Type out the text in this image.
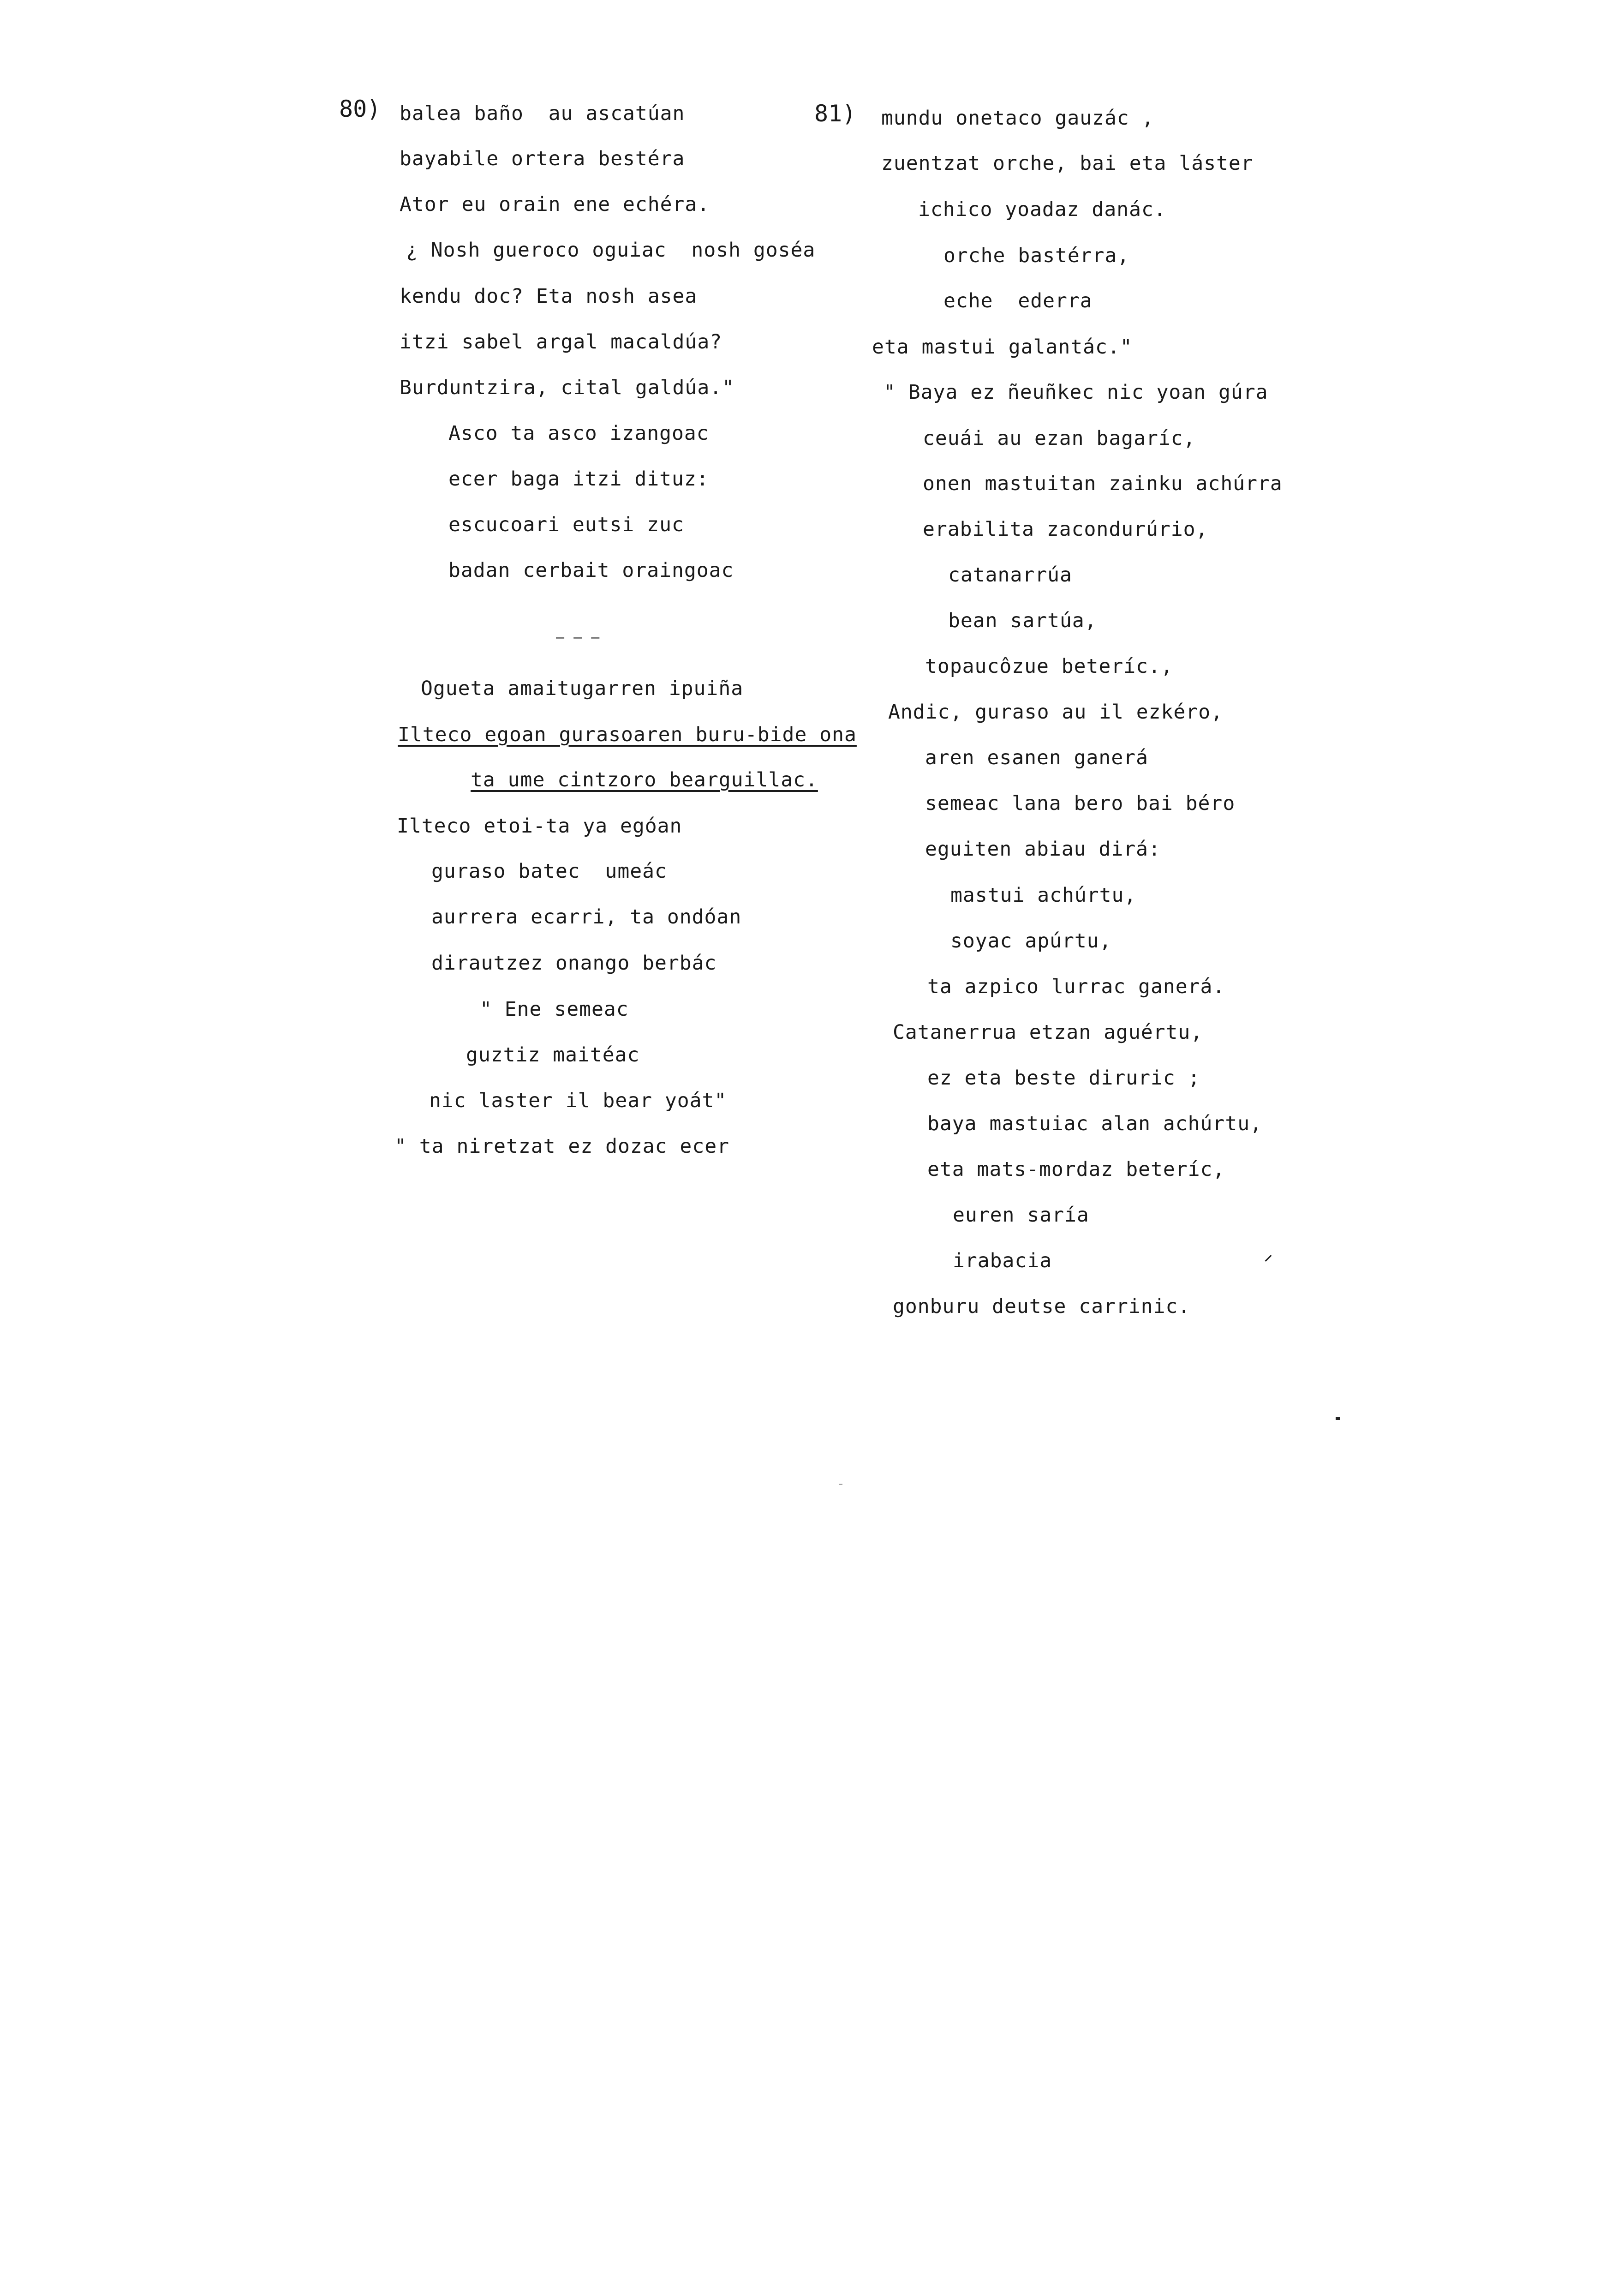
80) balea baño  au ascatúan
bayabile ortera bestéra
Ator eu orain ene echéra.
¿ Nosh gueroco oguiac  nosh goséa
kendu doc? Eta nosh asea
itzi sabel argal macaldúa?
Burduntzira, cital galdúa."
Asco ta asco izangoac
ecer baga itzi dituz:
escucoari eutsi zuc
badan cerbait oraingoac
— — —
Ogueta amaitugarren ipuiña
Ilteco egoan gurasoaren buru-bide ona
ta ume cintzoro bearguillac.
Ilteco etoi-ta ya egóan
guraso batec  umeác
aurrera ecarri, ta ondóan
dirautzez onango berbác
" Ene semeac
guztiz maitéac
nic laster il bear yoát"
" ta niretzat ez dozac ecer
81) mundu onetaco gauzác ,
zuentzat orche, bai eta láster
ichico yoadaz danác.
orche bastérra,
eche  ederra
eta mastui galantác."
" Baya ez ñeuñkec nic yoan gúra
ceuái au ezan bagaríc,
onen mastuitan zainku achúrra
erabilita zacondurúrio,
catanarrúa
bean sartúa,
topaucôzue beteríc.,
Andic, guraso au il ezkéro,
aren esanen ganerá
semeac lana bero bai béro
eguiten abiau dirá:
mastui achúrtu,
soyac apúrtu,
ta azpico lurrac ganerá.
Catanerrua etzan aguértu,
ez eta beste diruric ;
baya mastuiac alan achúrtu,
eta mats-mordaz beteríc,
euren saría
irabacia
gonburu deutse carrinic.
